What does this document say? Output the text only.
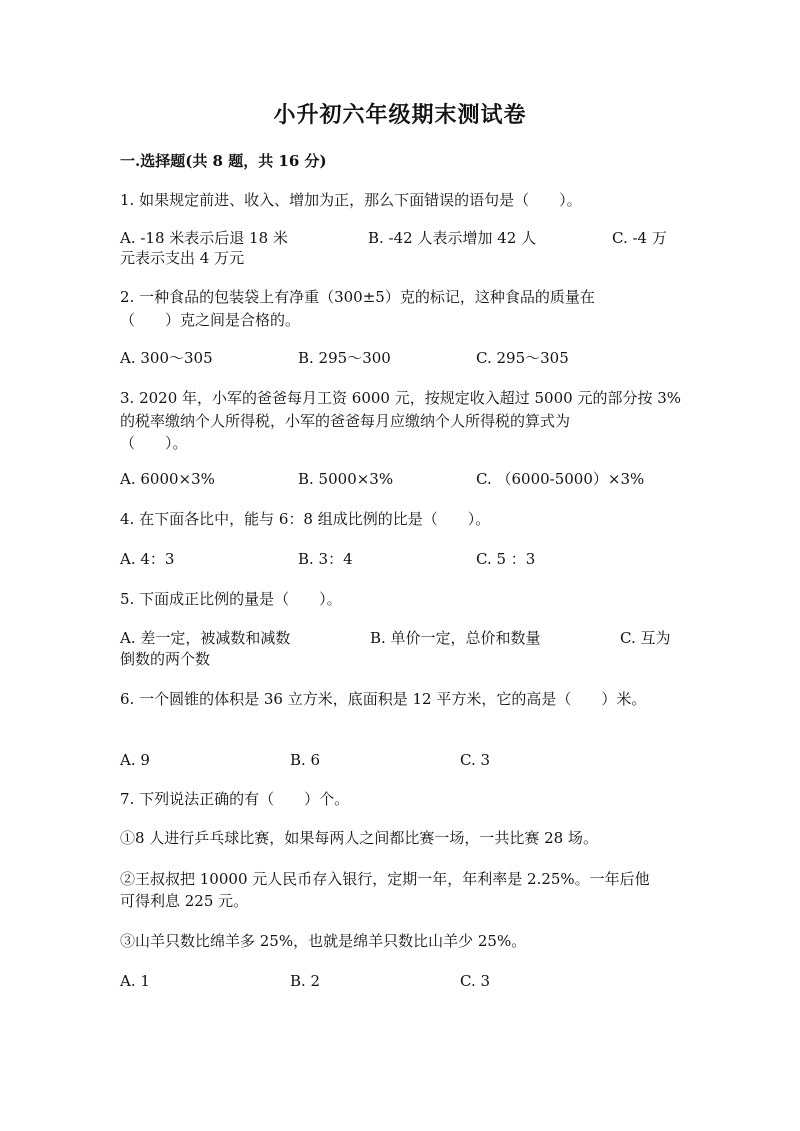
小升初六年级期末测试卷
一.选择题(共 8 题，共 16 分)
1. 如果规定前进、收入、增加为正，那么下面错误的语句是（　　）。
A. -18 米表示后退 18 米	B. -42 人表示增加 42 人	C. -4 万
元表示支出 4 万元
2. 一种食品的包装袋上有净重（300±5）克的标记，这种食品的质量在
（　　）克之间是合格的。
A. 300～305	B. 295～300	C. 295～305
3. 2020 年，小军的爸爸每月工资 6000 元，按规定收入超过 5000 元的部分按 3%
的税率缴纳个人所得税，小军的爸爸每月应缴纳个人所得税的算式为
（　　）。
A. 6000×3%	B. 5000×3%	C. （6000-5000）×3%
4. 在下面各比中，能与 6：8 组成比例的比是（　　）。
A. 4：3	B. 3：4	C. 5 ：3
5. 下面成正比例的量是（　　）。
A. 差一定，被减数和减数	B. 单价一定，总价和数量	C. 互为
倒数的两个数
6. 一个圆锥的体积是 36 立方米，底面积是 12 平方米，它的高是（　　）米。
A. 9	B. 6	C. 3
7. 下列说法正确的有（　　）个。
①8 人进行乒乓球比赛，如果每两人之间都比赛一场，一共比赛 28 场。
②王叔叔把 10000 元人民币存入银行，定期一年，年利率是 2.25%。一年后他
可得利息 225 元。
③山羊只数比绵羊多 25%，也就是绵羊只数比山羊少 25%。
A. 1	B. 2	C. 3
